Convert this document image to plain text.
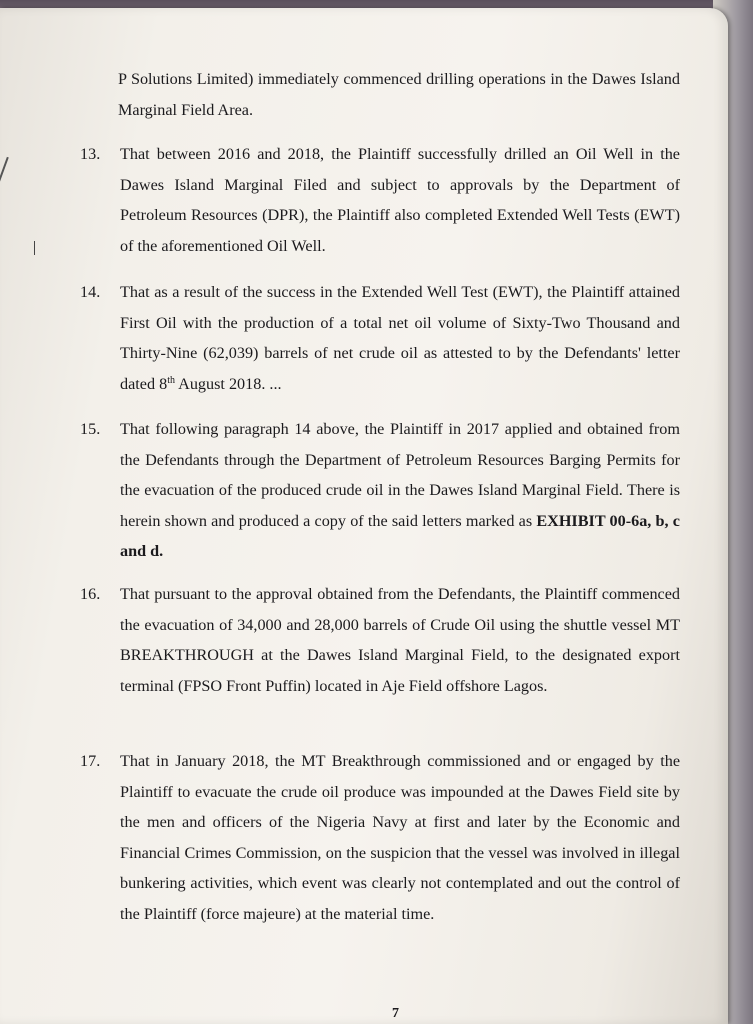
P Solutions Limited) immediately commenced drilling operations in the Dawes Island Marginal Field Area.
13. That between 2016 and 2018, the Plaintiff successfully drilled an Oil Well in the Dawes Island Marginal Filed and subject to approvals by the Department of Petroleum Resources (DPR), the Plaintiff also completed Extended Well Tests (EWT) of the aforementioned Oil Well.
14. That as a result of the success in the Extended Well Test (EWT), the Plaintiff attained First Oil with the production of a total net oil volume of Sixty-Two Thousand and Thirty-Nine (62,039) barrels of net crude oil as attested to by the Defendants' letter dated 8th August 2018. ...
15. That following paragraph 14 above, the Plaintiff in 2017 applied and obtained from the Defendants through the Department of Petroleum Resources Barging Permits for the evacuation of the produced crude oil in the Dawes Island Marginal Field. There is herein shown and produced a copy of the said letters marked as EXHIBIT 00-6a, b, c and d.
16. That pursuant to the approval obtained from the Defendants, the Plaintiff commenced the evacuation of 34,000 and 28,000 barrels of Crude Oil using the shuttle vessel MT BREAKTHROUGH at the Dawes Island Marginal Field, to the designated export terminal (FPSO Front Puffin) located in Aje Field offshore Lagos.
17. That in January 2018, the MT Breakthrough commissioned and or engaged by the Plaintiff to evacuate the crude oil produce was impounded at the Dawes Field site by the men and officers of the Nigeria Navy at first and later by the Economic and Financial Crimes Commission, on the suspicion that the vessel was involved in illegal bunkering activities, which event was clearly not contemplated and out the control of the Plaintiff (force majeure) at the material time.
7
